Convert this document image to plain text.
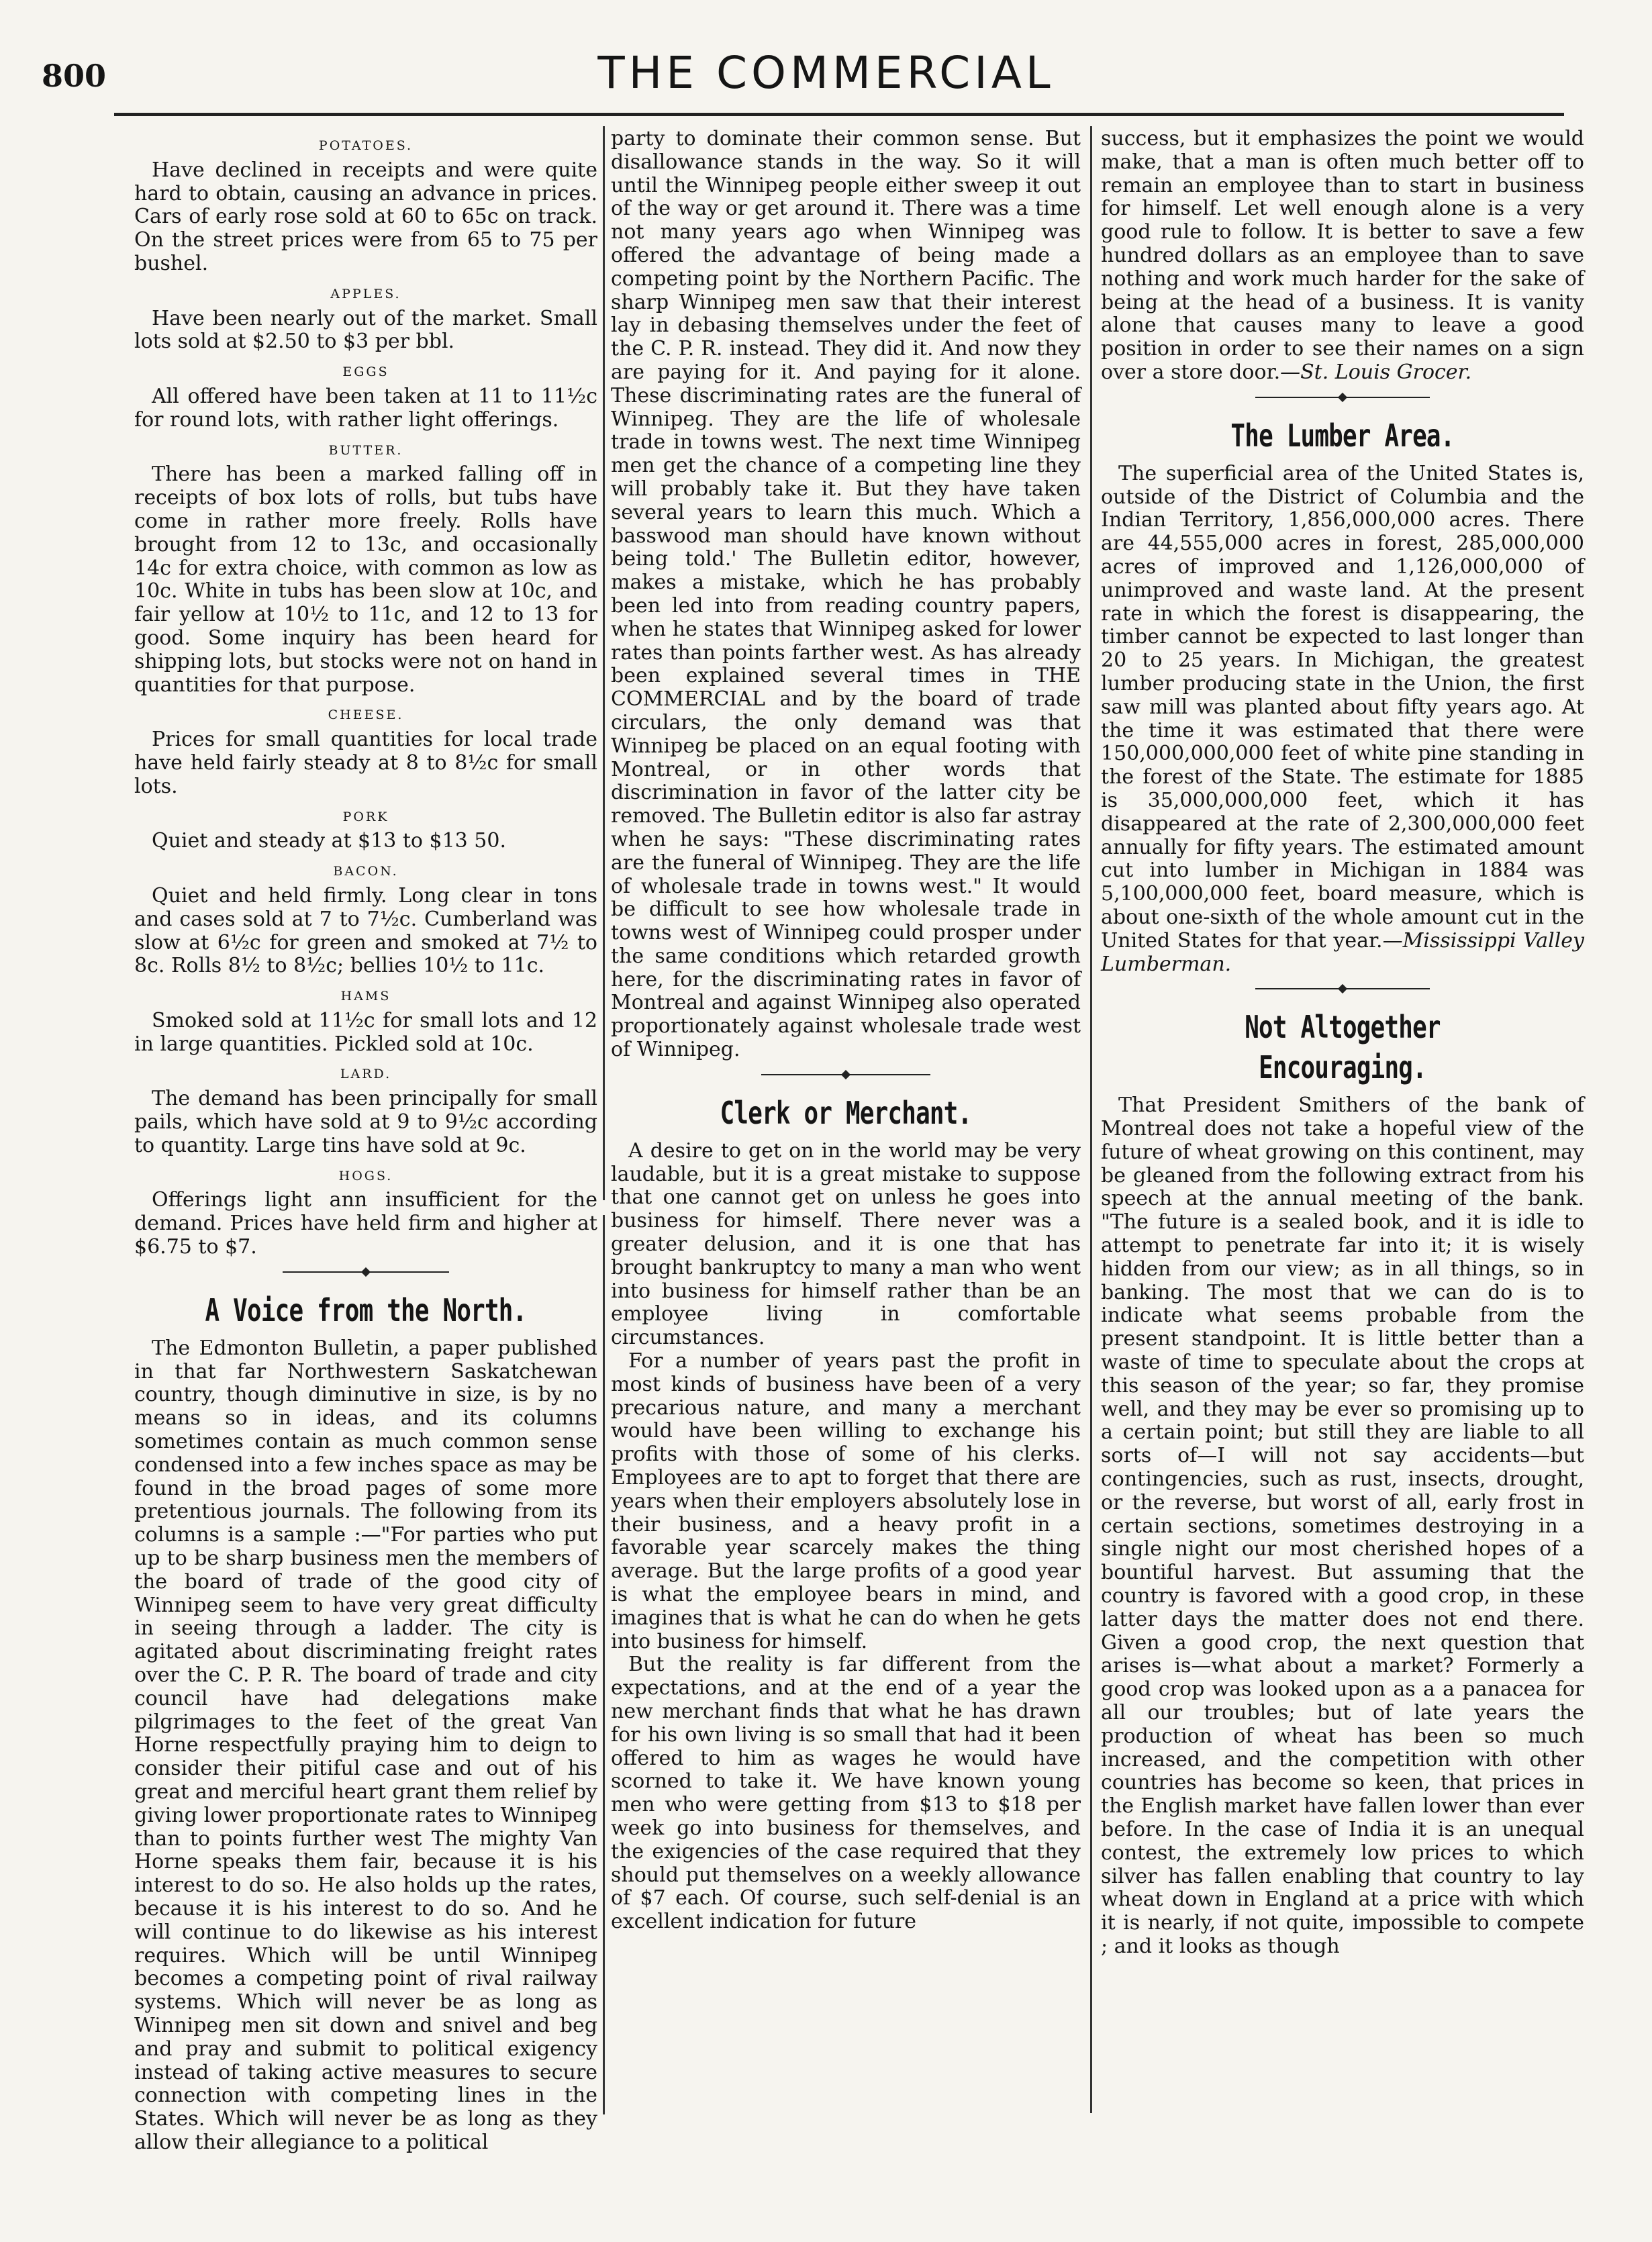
800	THE COMMERCIAL
POTATOES.

Have declined in receipts and were quite hard to obtain, causing an advance in prices. Cars of early rose sold at 60 to 65c on track. On the street prices were from 65 to 75 per bushel.

APPLES.

Have been nearly out of the market. Small lots sold at $2.50 to $3 per bbl.

EGGS

All offered have been taken at 11 to 11½c for round lots, with rather light offerings.

BUTTER.

There has been a marked falling off in receipts of box lots of rolls, but tubs have come in rather more freely. Rolls have brought from 12 to 13c, and occasionally 14c for extra choice, with common as low as 10c. White in tubs has been slow at 10c, and fair yellow at 10½ to 11c, and 12 to 13 for good. Some inquiry has been heard for shipping lots, but stocks were not on hand in quantities for that purpose.

CHEESE.

Prices for small quantities for local trade have held fairly steady at 8 to 8½c for small lots.

PORK

Quiet and steady at $13 to $13 50.

BACON.

Quiet and held firmly. Long clear in tons and cases sold at 7 to 7½c. Cumberland was slow at 6½c for green and smoked at 7½ to 8c. Rolls 8½ to 8½c; bellies 10½ to 11c.

HAMS

Smoked sold at 11½c for small lots and 12 in large quantities. Pickled sold at 10c.

LARD.

The demand has been principally for small pails, which have sold at 9 to 9½c according to quantity. Large tins have sold at 9c.

HOGS.

Offerings light ann insufficient for the demand. Prices have held firm and higher at $6.75 to $7.

A Voice from the North.

The Edmonton Bulletin, a paper published in that far Northwestern Saskatchewan country, though diminutive in size, is by no means so in ideas, and its columns sometimes contain as much common sense condensed into a few inches space as may be found in the broad pages of some more pretentious journals. The following from its columns is a sample :—"For parties who put up to be sharp business men the members of the board of trade of the good city of Winnipeg seem to have very great difficulty in seeing through a ladder. The city is agitated about discriminating freight rates over the C. P. R. The board of trade and city council have had delegations make pilgrimages to the feet of the great Van Horne respectfully praying him to deign to consider their pitiful case and out of his great and merciful heart grant them relief by giving lower proportionate rates to Winnipeg than to points further west The mighty Van Horne speaks them fair, because it is his interest to do so. He also holds up the rates, because it is his interest to do so. And he will continue to do likewise as his interest requires. Which will be until Winnipeg becomes a competing point of rival railway systems. Which will never be as long as Winnipeg men sit down and snivel and beg and pray and submit to political exigency instead of taking active measures to secure connection with competing lines in the States. Which will never be as long as they allow their allegiance to a political

party to dominate their common sense. But disallowance stands in the way. So it will until the Winnipeg people either sweep it out of the way or get around it. There was a time not many years ago when Winnipeg was offered the advantage of being made a competing point by the Northern Pacific. The sharp Winnipeg men saw that their interest lay in debasing themselves under the feet of the C. P. R. instead. They did it. And now they are paying for it. And paying for it alone. These discriminating rates are the funeral of Winnipeg. They are the life of wholesale trade in towns west. The next time Winnipeg men get the chance of a competing line they will probably take it. But they have taken several years to learn this much. Which a basswood man should have known without being told.' The Bulletin editor, however, makes a mistake, which he has probably been led into from reading country papers, when he states that Winnipeg asked for lower rates than points farther west. As has already been explained several times in THE COMMERCIAL and by the board of trade circulars, the only demand was that Winnipeg be placed on an equal footing with Montreal, or in other words that discrimination in favor of the latter city be removed. The Bulletin editor is also far astray when he says: "These discriminating rates are the funeral of Winnipeg. They are the life of wholesale trade in towns west." It would be difficult to see how wholesale trade in towns west of Winnipeg could prosper under the same conditions which retarded growth here, for the discriminating rates in favor of Montreal and against Winnipeg also operated proportionately against wholesale trade west of Winnipeg.

Clerk or Merchant.

A desire to get on in the world may be very laudable, but it is a great mistake to suppose that one cannot get on unless he goes into business for himself. There never was a greater delusion, and it is one that has brought bankruptcy to many a man who went into business for himself rather than be an employee living in comfortable circumstances.

For a number of years past the profit in most kinds of business have been of a very precarious nature, and many a merchant would have been willing to exchange his profits with those of some of his clerks. Employees are to apt to forget that there are years when their employers absolutely lose in their business, and a heavy profit in a favorable year scarcely makes the thing average. But the large profits of a good year is what the employee bears in mind, and imagines that is what he can do when he gets into business for himself.

But the reality is far different from the expectations, and at the end of a year the new merchant finds that what he has drawn for his own living is so small that had it been offered to him as wages he would have scorned to take it. We have known young men who were getting from $13 to $18 per week go into business for themselves, and the exigencies of the case required that they should put themselves on a weekly allowance of $7 each. Of course, such self-denial is an excellent indication for future

success, but it emphasizes the point we would make, that a man is often much better off to remain an employee than to start in business for himself. Let well enough alone is a very good rule to follow. It is better to save a few hundred dollars as an employee than to save nothing and work much harder for the sake of being at the head of a business. It is vanity alone that causes many to leave a good position in order to see their names on a sign over a store door.—St. Louis Grocer.

The Lumber Area.

The superficial area of the United States is, outside of the District of Columbia and the Indian Territory, 1,856,000,000 acres. There are 44,555,000 acres in forest, 285,000,000 acres of improved and 1,126,000,000 of unimproved and waste land. At the present rate in which the forest is disappearing, the timber cannot be expected to last longer than 20 to 25 years. In Michigan, the greatest lumber producing state in the Union, the first saw mill was planted about fifty years ago. At the time it was estimated that there were 150,000,000,000 feet of white pine standing in the forest of the State. The estimate for 1885 is 35,000,000,000 feet, which it has disappeared at the rate of 2,300,000,000 feet annually for fifty years. The estimated amount cut into lumber in Michigan in 1884 was 5,100,000,000 feet, board measure, which is about one-sixth of the whole amount cut in the United States for that year.—Mississippi Valley Lumberman.

Not Altogether Encouraging.

That President Smithers of the bank of Montreal does not take a hopeful view of the future of wheat growing on this continent, may be gleaned from the following extract from his speech at the annual meeting of the bank. "The future is a sealed book, and it is idle to attempt to penetrate far into it; it is wisely hidden from our view; as in all things, so in banking. The most that we can do is to indicate what seems probable from the present standpoint. It is little better than a waste of time to speculate about the crops at this season of the year; so far, they promise well, and they may be ever so promising up to a certain point; but still they are liable to all sorts of—I will not say accidents—but contingencies, such as rust, insects, drought, or the reverse, but worst of all, early frost in certain sections, sometimes destroying in a single night our most cherished hopes of a bountiful harvest. But assuming that the country is favored with a good crop, in these latter days the matter does not end there. Given a good crop, the next question that arises is—what about a market? Formerly a good crop was looked upon as a a panacea for all our troubles; but of late years the production of wheat has been so much increased, and the competition with other countries has become so keen, that prices in the English market have fallen lower than ever before. In the case of India it is an unequal contest, the extremely low prices to which silver has fallen enabling that country to lay wheat down in England at a price with which it is nearly, if not quite, impossible to compete ; and it looks as though
